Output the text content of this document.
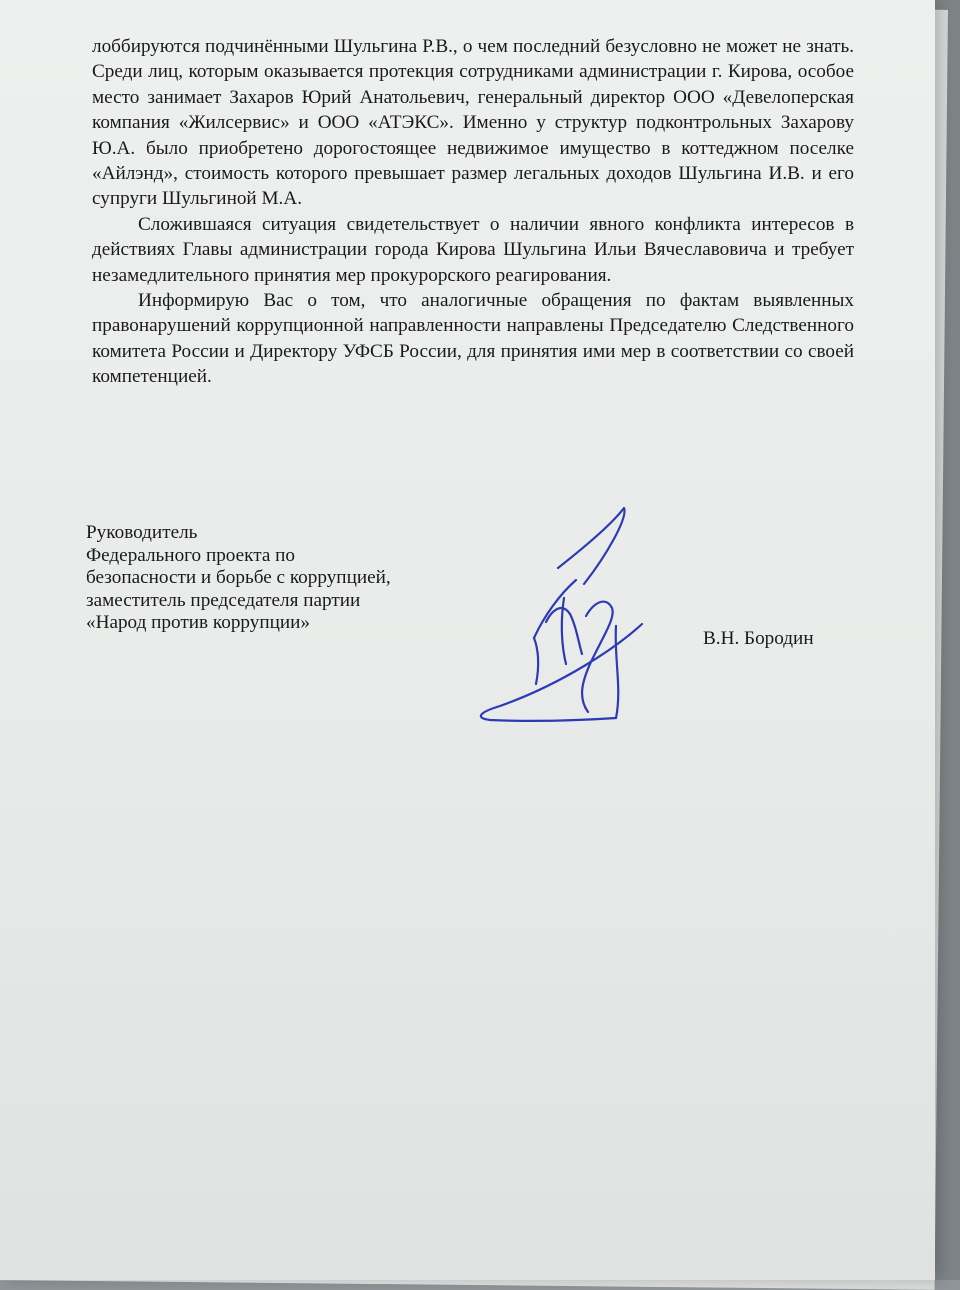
лоббируются подчинёнными Шульгина Р.В., о чем последний безусловно не может не знать. Среди лиц, которым оказывается протекция сотрудниками администрации г. Кирова, особое место занимает Захаров Юрий Анатольевич, генеральный директор ООО «Девелоперская компания «Жилсервис» и ООО «АТЭКС». Именно у структур подконтрольных Захарову Ю.А. было приобретено дорогостоящее недвижимое имущество в коттеджном поселке «Айлэнд», стоимость которого превышает размер легальных доходов Шульгина И.В. и его супруги Шульгиной М.А.

Сложившаяся ситуация свидетельствует о наличии явного конфликта интересов в действиях Главы администрации города Кирова Шульгина Ильи Вячеславовича и требует незамедлительного принятия мер прокурорского реагирования.

Информирую Вас о том, что аналогичные обращения по фактам выявленных правонарушений коррупционной направленности направлены Председателю Следственного комитета России и Директору УФСБ России, для принятия ими мер в соответствии со своей компетенцией.

Руководитель
Федерального проекта по
безопасности и борьбе с коррупцией,
заместитель председателя партии
«Народ против коррупции»
В.Н. Бородин
